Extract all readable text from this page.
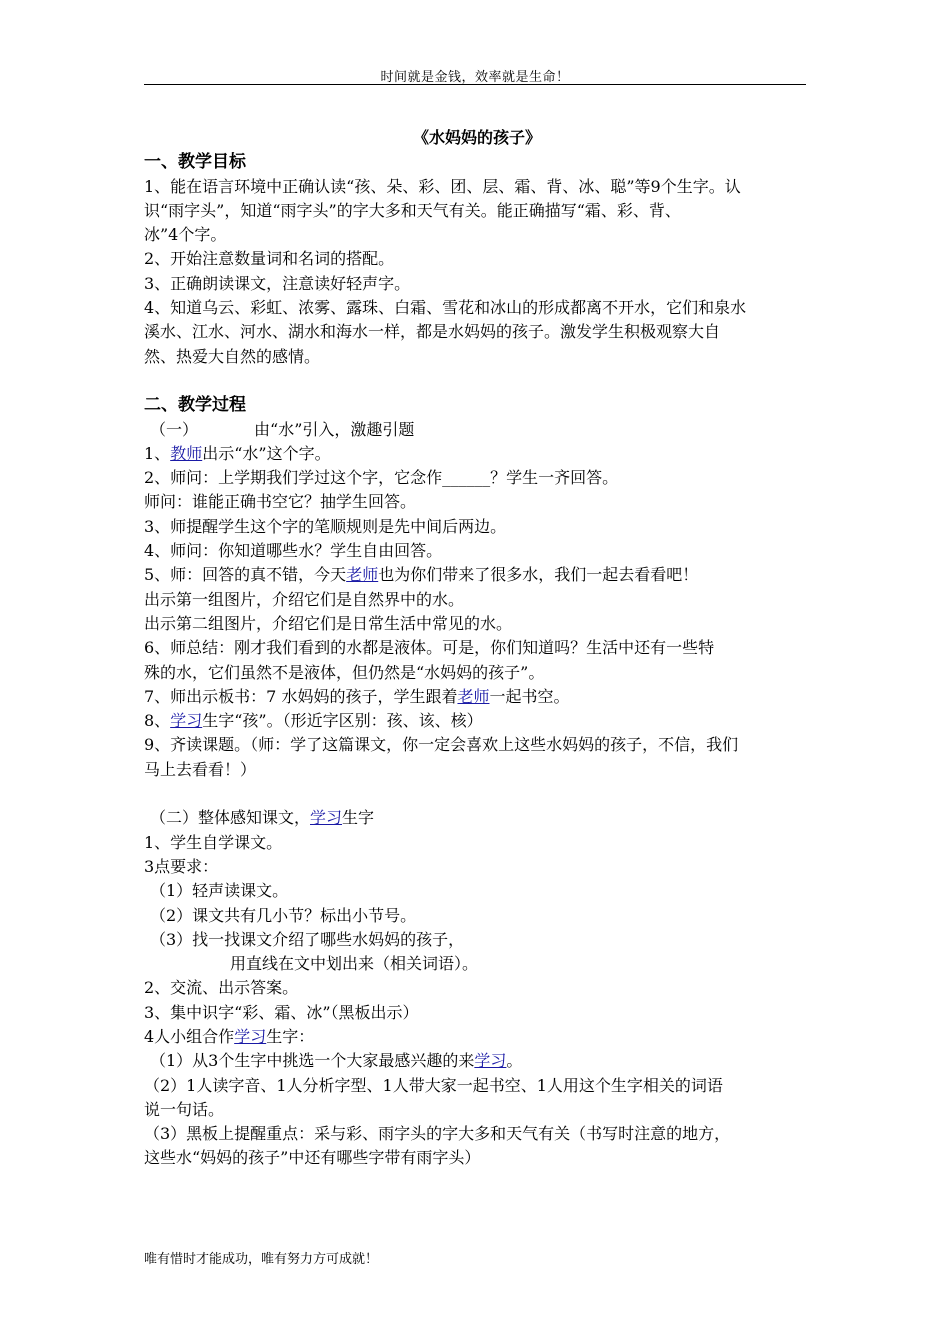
时间就是金钱，效率就是生命！

《水妈妈的孩子》

一、教学目标

1、能在语言环境中正确认读“孩、朵、彩、团、层、霜、背、冰、聪”等9个生字。认

识“雨字头”，知道“雨字头”的字大多和天气有关。能正确描写“霜、彩、背、

冰”4个字。

2、开始注意数量词和名词的搭配。

3、正确朗读课文，注意读好轻声字。

4、知道乌云、彩虹、浓雾、露珠、白霜、雪花和冰山的形成都离不开水，它们和泉水

溪水、江水、河水、湖水和海水一样，都是水妈妈的孩子。激发学生积极观察大自

然、热爱大自然的感情。

二、教学过程

（一）	由“水”引入，激趣引题

1、教师出示“水”这个字。

2、师问：上学期我们学过这个字，它念作______？学生一齐回答。

师问：谁能正确书空它？抽学生回答。

3、师提醒学生这个字的笔顺规则是先中间后两边。

4、师问：你知道哪些水？学生自由回答。

5、师：回答的真不错，今天老师也为你们带来了很多水，我们一起去看看吧！

出示第一组图片，介绍它们是自然界中的水。

出示第二组图片，介绍它们是日常生活中常见的水。

6、师总结：刚才我们看到的水都是液体。可是，你们知道吗？生活中还有一些特

殊的水，它们虽然不是液体，但仍然是“水妈妈的孩子”。

7、师出示板书：7 水妈妈的孩子，学生跟着老师一起书空。

8、学习生字“孩”。（形近字区别：孩、该、核）

9、齐读课题。（师：学了这篇课文，你一定会喜欢上这些水妈妈的孩子，不信，我们

马上去看看！）

（二）整体感知课文，学习生字

1、学生自学课文。

3点要求：

（1）轻声读课文。

（2）课文共有几小节？标出小节号。

（3）找一找课文介绍了哪些水妈妈的孩子，

用直线在文中划出来（相关词语）。

2、交流、出示答案。

3、集中识字“彩、霜、冰”（黑板出示）

4人小组合作学习生字：

（1）从3个生字中挑选一个大家最感兴趣的来学习。

（2）1人读字音、1人分析字型、1人带大家一起书空、1人用这个生字相关的词语

说一句话。

（3）黑板上提醒重点：采与彩、雨字头的字大多和天气有关（书写时注意的地方，

这些水“妈妈的孩子”中还有哪些字带有雨字头）

唯有惜时才能成功，唯有努力方可成就！
